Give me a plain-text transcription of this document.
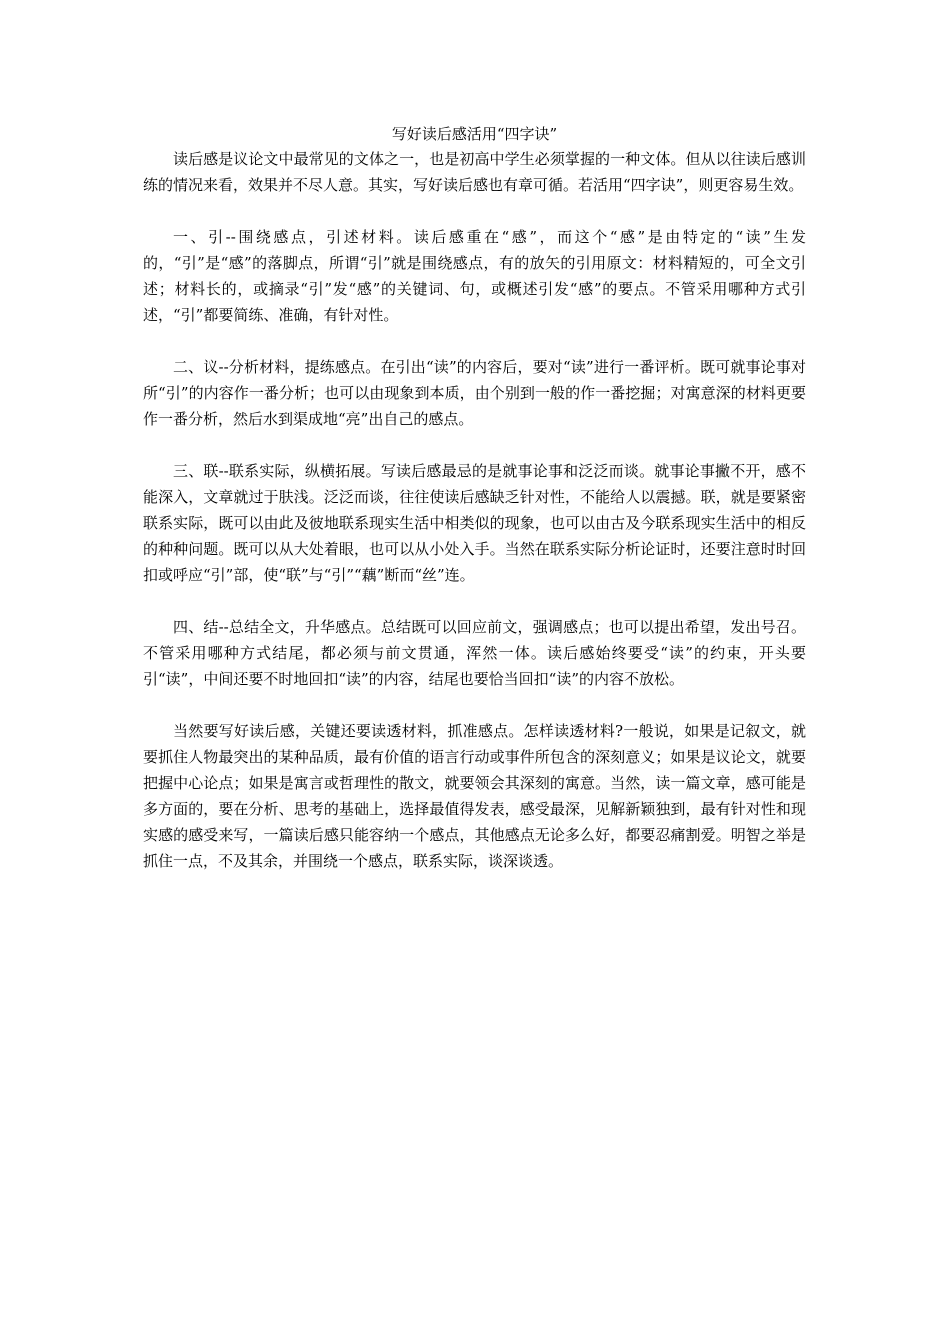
写好读后感活用“四字诀”

读后感是议论文中最常见的文体之一，也是初高中学生必须掌握的一种文体。但从以往读后感训练的情况来看，效果并不尽人意。其实，写好读后感也有章可循。若活用“四字诀”，则更容易生效。

一、引--围绕感点，引述材料。读后感重在“感”，而这个“感”是由特定的“读”生发的，“引”是“感”的落脚点，所谓“引”就是围绕感点，有的放矢的引用原文：材料精短的，可全文引述；材料长的，或摘录“引”发“感”的关键词、句，或概述引发“感”的要点。不管采用哪种方式引述，“引”都要简练、准确，有针对性。

二、议--分析材料，提练感点。在引出“读”的内容后，要对“读”进行一番评析。既可就事论事对所“引”的内容作一番分析；也可以由现象到本质，由个别到一般的作一番挖掘；对寓意深的材料更要作一番分析，然后水到渠成地“亮”出自己的感点。

三、联--联系实际，纵横拓展。写读后感最忌的是就事论事和泛泛而谈。就事论事撇不开，感不能深入，文章就过于肤浅。泛泛而谈，往往使读后感缺乏针对性，不能给人以震撼。联，就是要紧密联系实际，既可以由此及彼地联系现实生活中相类似的现象，也可以由古及今联系现实生活中的相反的种种问题。既可以从大处着眼，也可以从小处入手。当然在联系实际分析论证时，还要注意时时回扣或呼应“引”部，使“联”与“引”“藕”断而“丝”连。

四、结--总结全文，升华感点。总结既可以回应前文，强调感点；也可以提出希望，发出号召。不管采用哪种方式结尾，都必须与前文贯通，浑然一体。读后感始终要受“读”的约束，开头要引“读”，中间还要不时地回扣“读”的内容，结尾也要恰当回扣“读”的内容不放松。

当然要写好读后感，关键还要读透材料，抓准感点。怎样读透材料?一般说，如果是记叙文，就要抓住人物最突出的某种品质，最有价值的语言行动或事件所包含的深刻意义；如果是议论文，就要把握中心论点；如果是寓言或哲理性的散文，就要领会其深刻的寓意。当然，读一篇文章，感可能是多方面的，要在分析、思考的基础上，选择最值得发表，感受最深，见解新颖独到，最有针对性和现实感的感受来写，一篇读后感只能容纳一个感点，其他感点无论多么好，都要忍痛割爱。明智之举是抓住一点，不及其余，并围绕一个感点，联系实际，谈深谈透。
